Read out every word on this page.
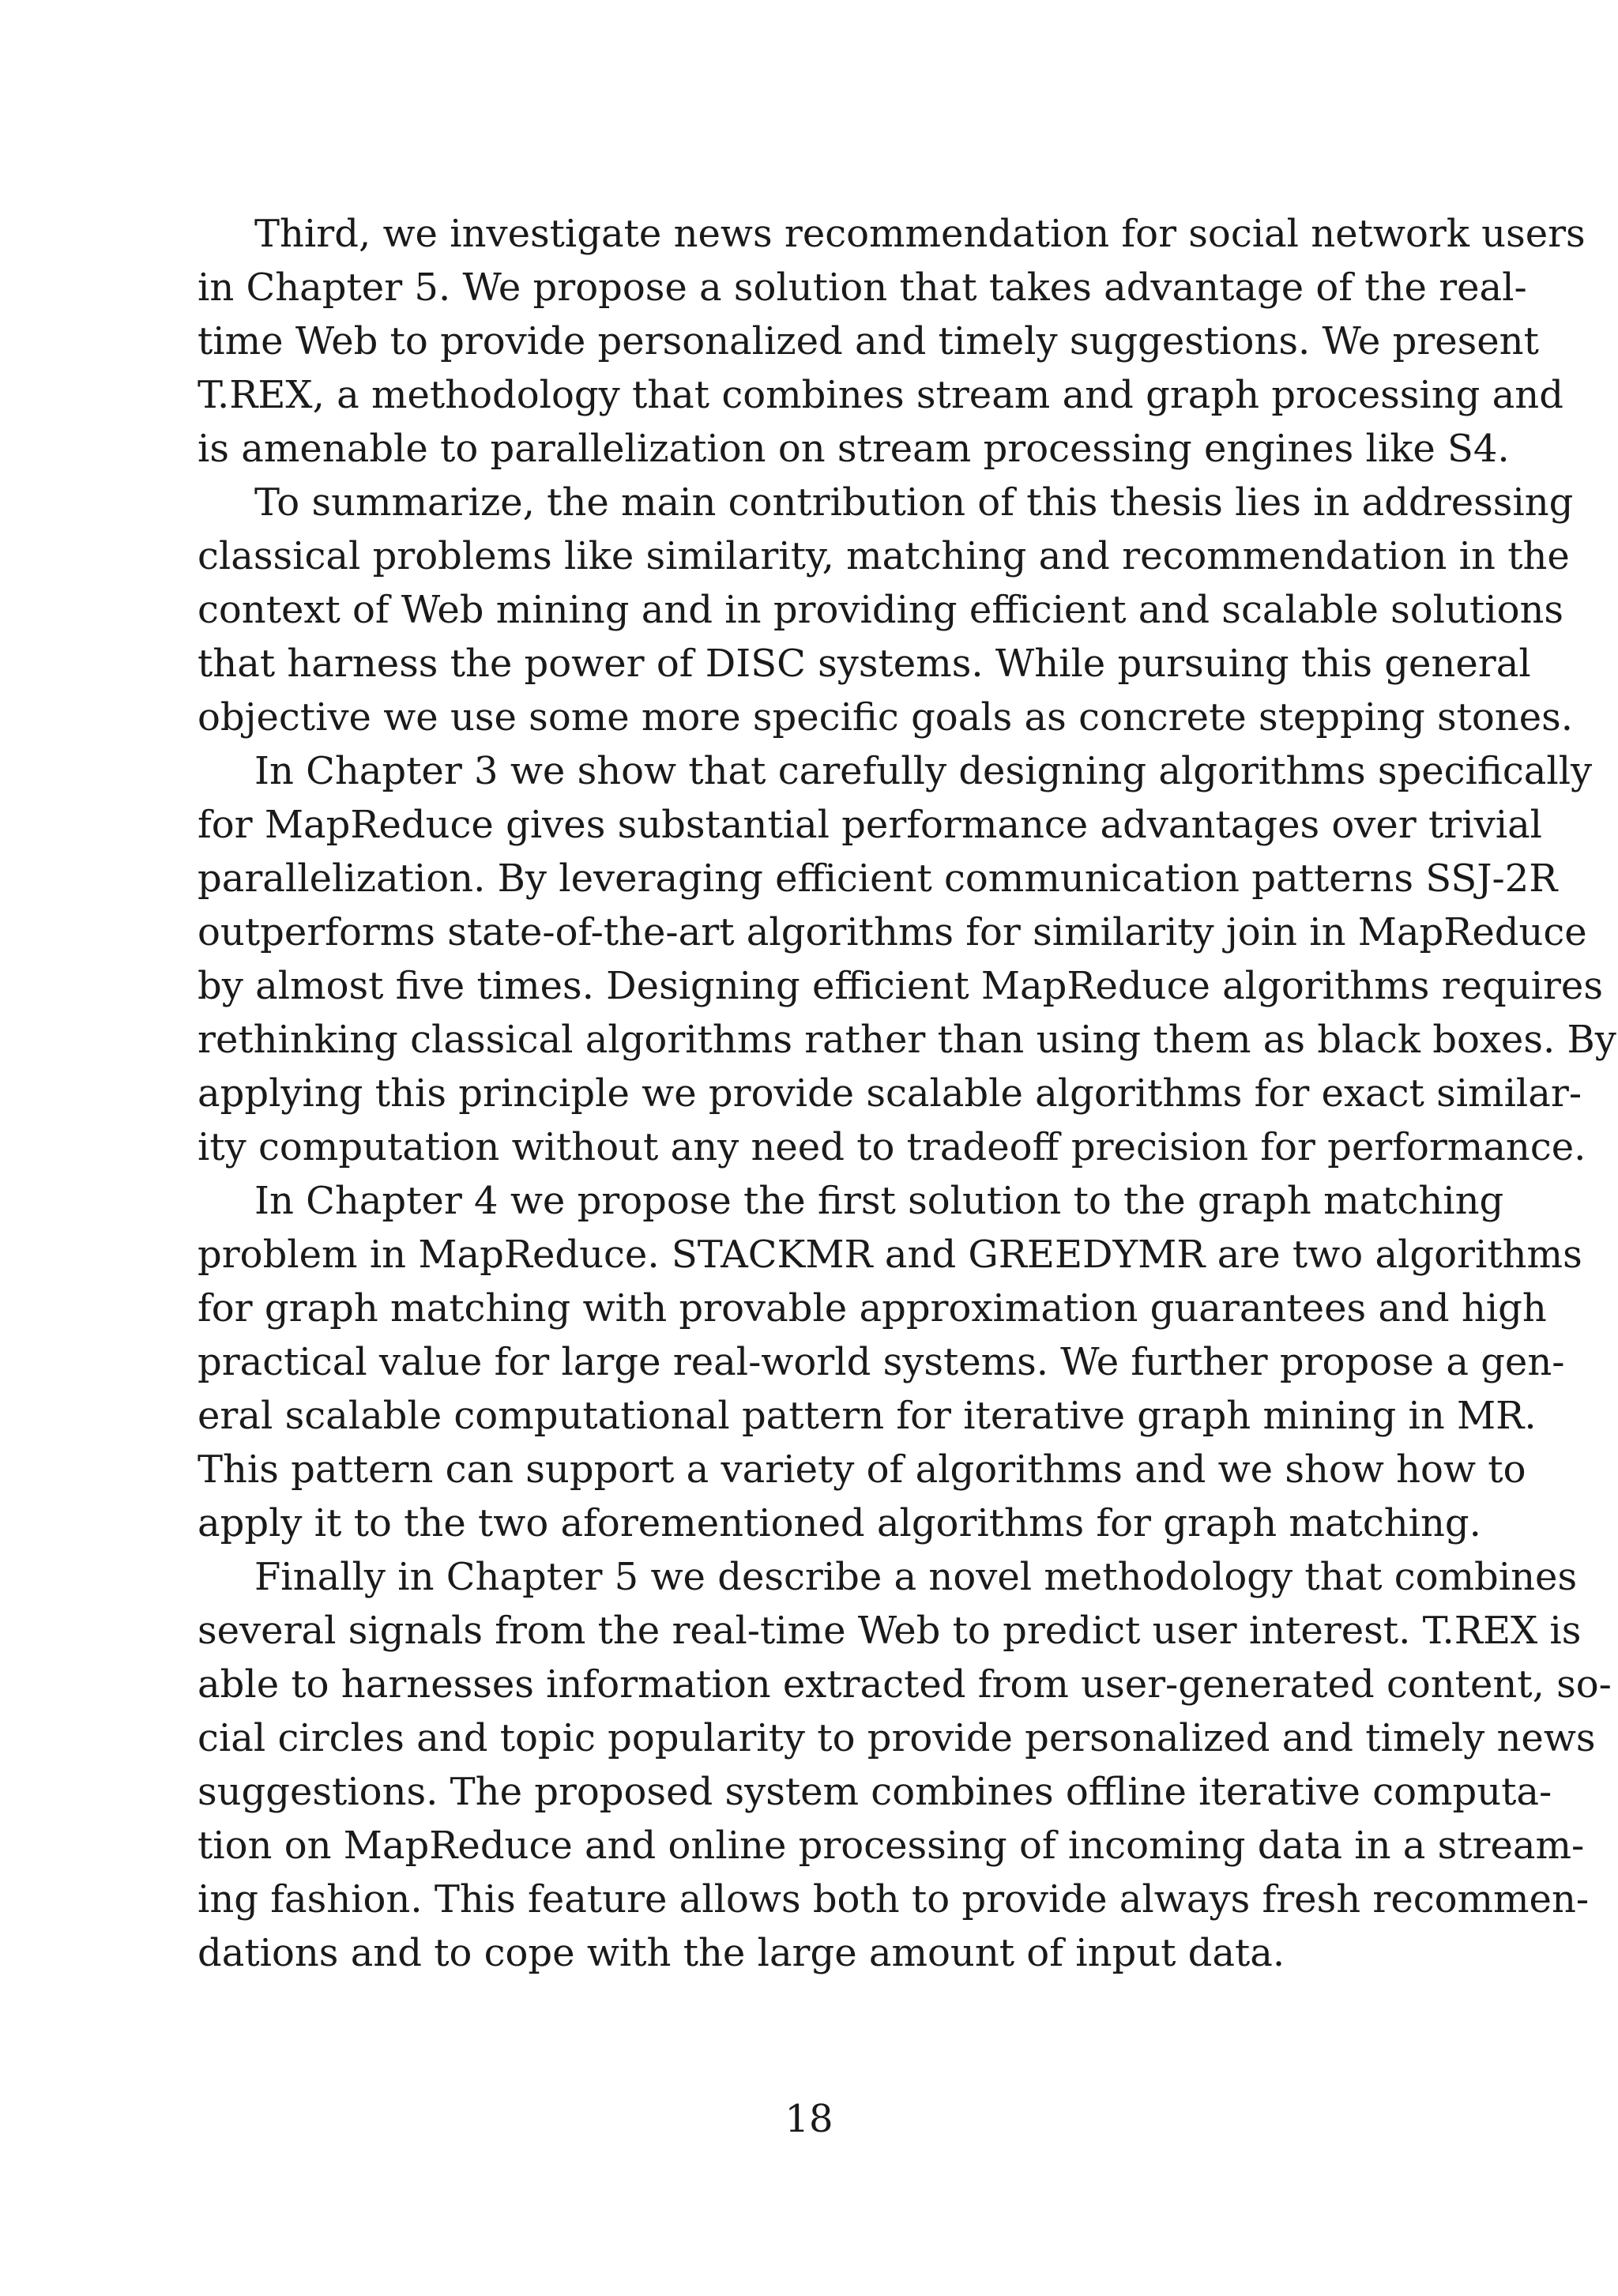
Third, we investigate news recommendation for social network users
in Chapter 5. We propose a solution that takes advantage of the real-
time Web to provide personalized and timely suggestions. We present
T.REX, a methodology that combines stream and graph processing and
is amenable to parallelization on stream processing engines like S4.
To summarize, the main contribution of this thesis lies in addressing
classical problems like similarity, matching and recommendation in the
context of Web mining and in providing efficient and scalable solutions
that harness the power of DISC systems. While pursuing this general
objective we use some more specific goals as concrete stepping stones.
In Chapter 3 we show that carefully designing algorithms specifically
for MapReduce gives substantial performance advantages over trivial
parallelization. By leveraging efficient communication patterns SSJ-2R
outperforms state-of-the-art algorithms for similarity join in MapReduce
by almost five times. Designing efficient MapReduce algorithms requires
rethinking classical algorithms rather than using them as black boxes. By
applying this principle we provide scalable algorithms for exact similar-
ity computation without any need to tradeoff precision for performance.
In Chapter 4 we propose the first solution to the graph matching
problem in MapReduce. STACKMR and GREEDYMR are two algorithms
for graph matching with provable approximation guarantees and high
practical value for large real-world systems. We further propose a gen-
eral scalable computational pattern for iterative graph mining in MR.
This pattern can support a variety of algorithms and we show how to
apply it to the two aforementioned algorithms for graph matching.
Finally in Chapter 5 we describe a novel methodology that combines
several signals from the real-time Web to predict user interest. T.REX is
able to harnesses information extracted from user-generated content, so-
cial circles and topic popularity to provide personalized and timely news
suggestions. The proposed system combines offline iterative computa-
tion on MapReduce and online processing of incoming data in a stream-
ing fashion. This feature allows both to provide always fresh recommen-
dations and to cope with the large amount of input data.
18
